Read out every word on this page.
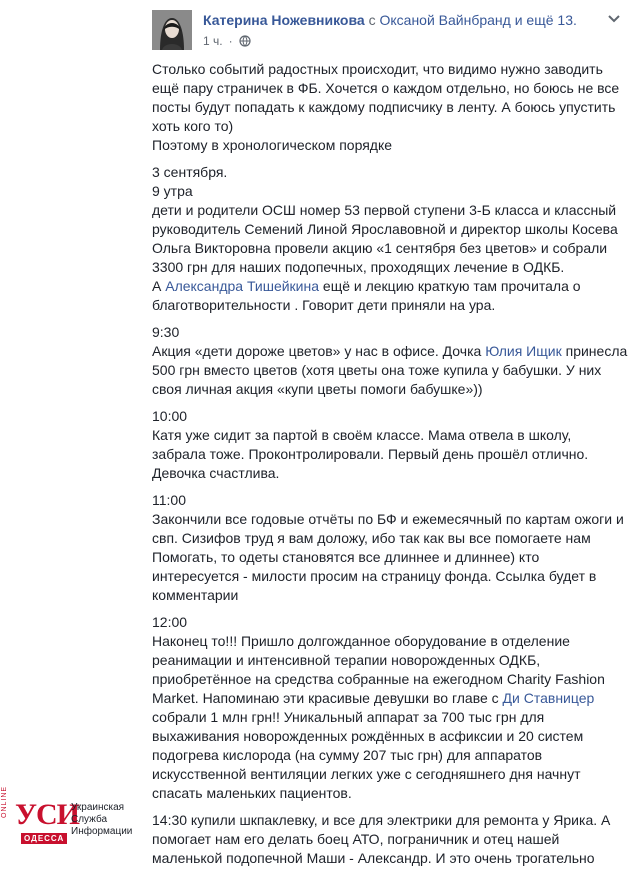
Катерина Ножевникова с Оксаной Вайнбранд и ещё 13.
1 ч. ·

Столько событий радостных происходит, что видимо нужно заводить
ещё пару страничек в ФБ. Хочется о каждом отдельно, но боюсь не все
посты будут попадать к каждому подписчику в ленту. А боюсь упустить
хоть кого то)
Поэтому в хронологическом порядке

3 сентября.
9 утра
дети и родители ОСШ номер 53 первой ступени 3-Б класса и классный
руководитель Семений Линой Ярославовной и директор школы Косева
Ольга Викторовна провели акцию «1 сентября без цветов» и собрали
3300 грн для наших подопечных, проходящих лечение в ОДКБ.
А Александра Тишейкина ещё и лекцию краткую там прочитала о
благотворительности . Говорит дети приняли на ура.

9:30
Акция «дети дороже цветов» у нас в офисе. Дочка Юлия Ищик принесла
500 грн вместо цветов (хотя цветы она тоже купила у бабушки. У них
своя личная акция «купи цветы помоги бабушке»))

10:00
Катя уже сидит за партой в своём классе. Мама отвела в школу,
забрала тоже. Проконтролировали. Первый день прошёл отлично.
Девочка счастлива.

11:00
Закончили все годовые отчёты по БФ и ежемесячный по картам ожоги и
свп. Сизифов труд я вам доложу, ибо так как вы все помогаете нам
Помогать, то одеты становятся все длиннее и длиннее) кто
интересуется - милости просим на страницу фонда. Ссылка будет в
комментарии

12:00
Наконец то!!! Пришло долгожданное оборудование в отделение
реанимации и интенсивной терапии новорожденных ОДКБ,
приобретённое на средства собранные на ежегодном Charity Fashion
Market. Напоминаю эти красивые девушки во главе с Ди Ставницер
собрали 1 млн грн!! Уникальный аппарат за 700 тыс грн для
выхаживания новорожденных рождённых в асфиксии и 20 систем
подогрева кислорода (на сумму 207 тыс грн) для аппаратов
искусственной вентиляции легких уже с сегодняшнего дня начнут
спасать маленьких пациентов.

14:30 купили шкпаклевку, и все для электрики для ремонта у Ярика. А
помогает нам его делать боец АТО, пограничник и отец нашей
маленькой подопечной Маши - Александр. И это очень трогательно

ONLINE УСИ
ОДЕССА
Украинская
Служба
Информации
